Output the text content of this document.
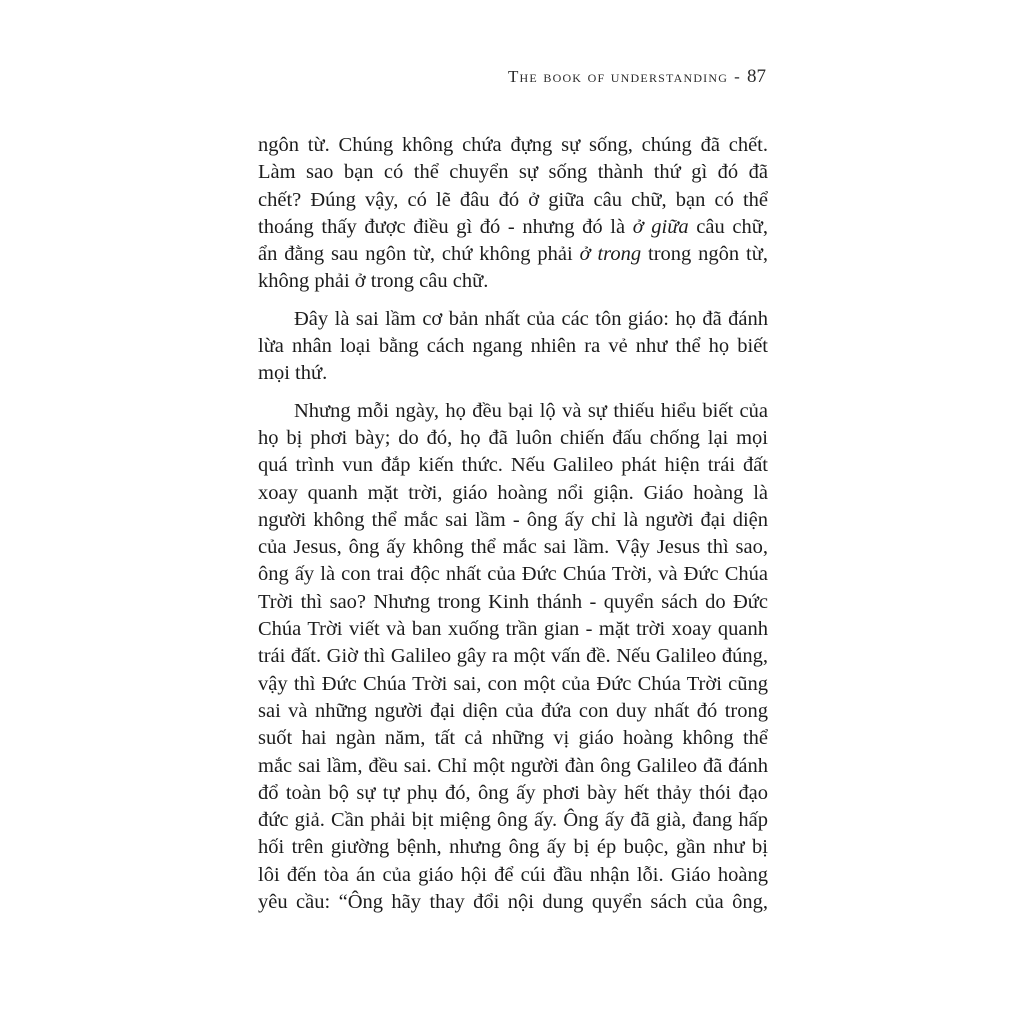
The book of understanding - 87

ngôn từ. Chúng không chứa đựng sự sống, chúng đã chết.
Làm sao bạn có thể chuyển sự sống thành thứ gì đó đã
chết? Đúng vậy, có lẽ đâu đó ở giữa câu chữ, bạn có thể
thoáng thấy được điều gì đó - nhưng đó là ở giữa câu chữ,
ẩn đằng sau ngôn từ, chứ không phải ở trong trong ngôn từ,
không phải ở trong câu chữ.

Đây là sai lầm cơ bản nhất của các tôn giáo: họ đã đánh
lừa nhân loại bằng cách ngang nhiên ra vẻ như thể họ biết
mọi thứ.

Nhưng mỗi ngày, họ đều bại lộ và sự thiếu hiểu biết của
họ bị phơi bày; do đó, họ đã luôn chiến đấu chống lại mọi
quá trình vun đắp kiến thức. Nếu Galileo phát hiện trái đất
xoay quanh mặt trời, giáo hoàng nổi giận. Giáo hoàng là
người không thể mắc sai lầm - ông ấy chỉ là người đại diện
của Jesus, ông ấy không thể mắc sai lầm. Vậy Jesus thì sao,
ông ấy là con trai độc nhất của Đức Chúa Trời, và Đức Chúa
Trời thì sao? Nhưng trong Kinh thánh - quyển sách do Đức
Chúa Trời viết và ban xuống trần gian - mặt trời xoay quanh
trái đất. Giờ thì Galileo gây ra một vấn đề. Nếu Galileo đúng,
vậy thì Đức Chúa Trời sai, con một của Đức Chúa Trời cũng
sai và những người đại diện của đứa con duy nhất đó trong
suốt hai ngàn năm, tất cả những vị giáo hoàng không thể
mắc sai lầm, đều sai. Chỉ một người đàn ông Galileo đã đánh
đổ toàn bộ sự tự phụ đó, ông ấy phơi bày hết thảy thói đạo
đức giả. Cần phải bịt miệng ông ấy. Ông ấy đã già, đang hấp
hối trên giường bệnh, nhưng ông ấy bị ép buộc, gần như bị
lôi đến tòa án của giáo hội để cúi đầu nhận lỗi. Giáo hoàng
yêu cầu: “Ông hãy thay đổi nội dung quyển sách của ông,
